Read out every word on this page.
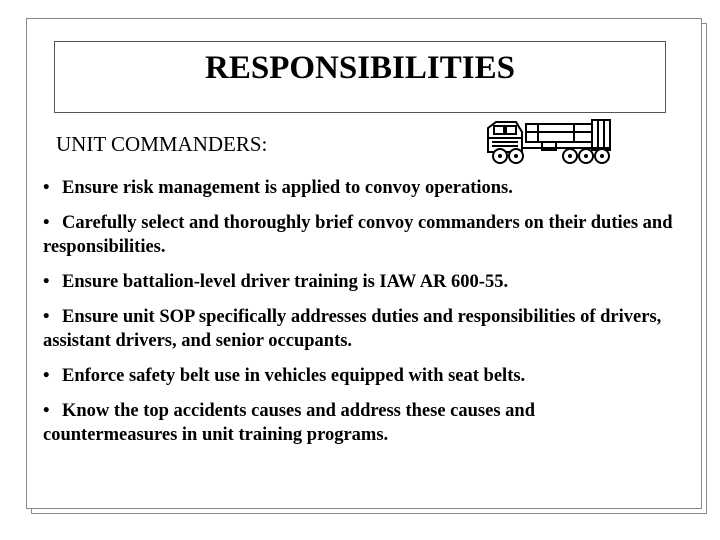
RESPONSIBILITIES
UNIT COMMANDERS:
• Ensure risk management is applied to convoy operations.
• Carefully select and thoroughly brief convoy commanders on their duties and responsibilities.
• Ensure battalion-level driver training is IAW AR 600-55.
• Ensure unit SOP specifically addresses duties and responsibilities of drivers, assistant drivers, and senior occupants.
• Enforce safety belt use in vehicles equipped with seat belts.
• Know the top accidents causes and address these causes and countermeasures in unit training programs.
